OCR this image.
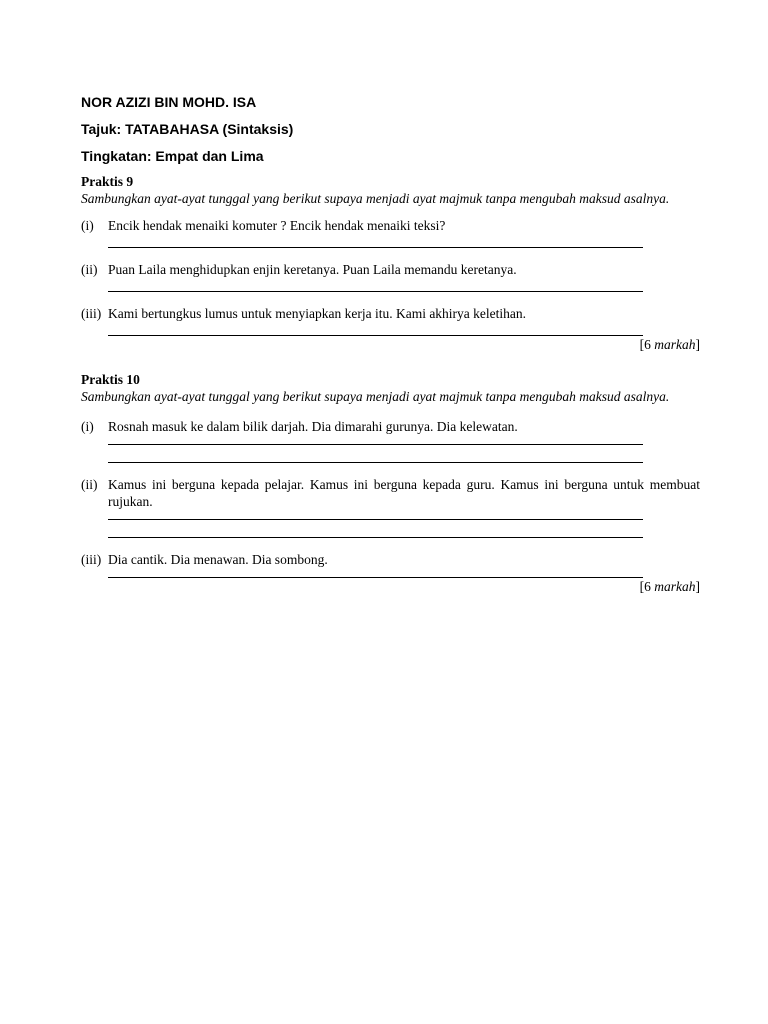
NOR AZIZI BIN MOHD. ISA

Tajuk: TATABAHASA (Sintaksis)

Tingkatan: Empat dan Lima

Praktis 9

Sambungkan ayat-ayat tunggal yang berikut supaya menjadi ayat majmuk tanpa mengubah maksud asalnya.

(i)	Encik hendak menaiki komuter ? Encik hendak menaiki teksi?
(ii) Puan Laila menghidupkan enjin keretanya. Puan Laila memandu keretanya.
(iii) Kami bertungkus lumus untuk menyiapkan kerja itu. Kami akhirya keletihan.
[6 markah]

Praktis 10

Sambungkan ayat-ayat tunggal yang berikut supaya menjadi ayat majmuk tanpa mengubah maksud asalnya.

(i)	Rosnah masuk ke dalam bilik darjah. Dia dimarahi gurunya. Dia kelewatan.
(ii) Kamus ini berguna kepada pelajar. Kamus ini berguna kepada guru. Kamus ini berguna untuk membuat rujukan.
(iii) Dia cantik. Dia menawan. Dia sombong.
[6 markah]
